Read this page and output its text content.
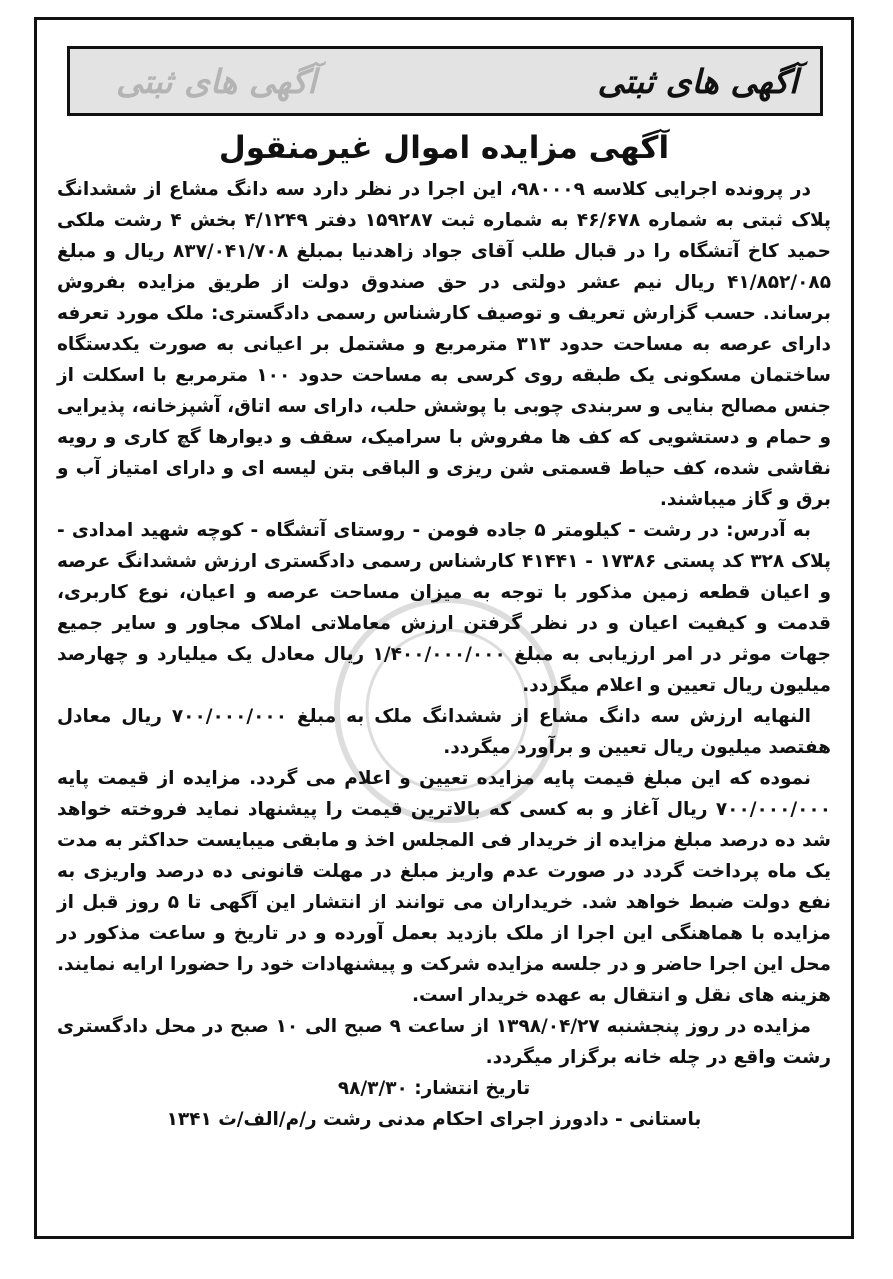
آگهی های ثبتی
آگهی های ثبتی
آگهی مزایده اموال غیرمنقول

در پرونده اجرایی کلاسه ۹۸۰۰۰۹، این اجرا در نظر دارد سه دانگ مشاع از ششدانگ پلاک ثبتی به شماره ۴۶/۶۷۸ به شماره ثبت ۱۵۹۲۸۷ دفتر ۴/۱۲۴۹ بخش ۴ رشت ملکی حمید کاخ آتشگاه را در قبال طلب آقای جواد زاهدنیا بمبلغ ۸۳۷/۰۴۱/۷۰۸ ریال و مبلغ ۴۱/۸۵۲/۰۸۵ ریال نیم عشر دولتی در حق صندوق دولت از طریق مزایده بفروش برساند. حسب گزارش تعریف و توصیف کارشناس رسمی دادگستری: ملک مورد تعرفه دارای عرصه به مساحت حدود ۳۱۳ مترمربع و مشتمل بر اعیانی به صورت یکدستگاه ساختمان مسکونی یک طبقه روی کرسی به مساحت حدود ۱۰۰ مترمربع با اسکلت از جنس مصالح بنایی و سربندی چوبی با پوشش حلب، دارای سه اتاق، آشپزخانه، پذیرایی و حمام و دستشویی که کف ها مفروش با سرامیک، سقف و دیوارها گچ کاری و رویه نقاشی شده، کف حیاط قسمتی شن ریزی و الباقی بتن لیسه ای و دارای امتیاز آب و برق و گاز میباشند.

به آدرس: در رشت - کیلومتر ۵ جاده فومن - روستای آتشگاه - کوچه شهید امدادی - پلاک ۳۲۸ کد پستی ۱۷۳۸۶ - ۴۱۴۴۱ کارشناس رسمی دادگستری ارزش ششدانگ عرصه و اعیان قطعه زمین مذکور با توجه به میزان مساحت عرصه و اعیان، نوع کاربری، قدمت و کیفیت اعیان و در نظر گرفتن ارزش معاملاتی املاک مجاور و سایر جمیع جهات موثر در امر ارزیابی به مبلغ ۱/۴۰۰/۰۰۰/۰۰۰ ریال معادل یک میلیارد و چهارصد میلیون ریال تعیین و اعلام میگردد.

النهایه ارزش سه دانگ مشاع از ششدانگ ملک به مبلغ ۷۰۰/۰۰۰/۰۰۰ ریال معادل هفتصد میلیون ریال تعیین و برآورد میگردد.

نموده که این مبلغ قیمت پایه مزایده تعیین و اعلام می گردد. مزایده از قیمت پایه ۷۰۰/۰۰۰/۰۰۰ ریال آغاز و به کسی که بالاترین قیمت را پیشنهاد نماید فروخته خواهد شد ده درصد مبلغ مزایده از خریدار فی المجلس اخذ و مابقی میبایست حداکثر به مدت یک ماه پرداخت گردد در صورت عدم واریز مبلغ در مهلت قانونی ده درصد واریزی به نفع دولت ضبط خواهد شد. خریداران می توانند از انتشار این آگهی تا ۵ روز قبل از مزایده با هماهنگی این اجرا از ملک بازدید بعمل آورده و در تاریخ و ساعت مذکور در محل این اجرا حاضر و در جلسه مزایده شرکت و پیشنهادات خود را حضورا ارایه نمایند. هزینه های نقل و انتقال به عهده خریدار است.

مزایده در روز پنجشنبه ۱۳۹۸/۰۴/۲۷ از ساعت ۹ صبح الی ۱۰ صبح در محل دادگستری رشت واقع در چله خانه برگزار میگردد.

تاریخ انتشار: ۹۸/۳/۳۰

باستانی - دادورز اجرای احکام مدنی رشت ر/م/الف/ث ۱۳۴۱
